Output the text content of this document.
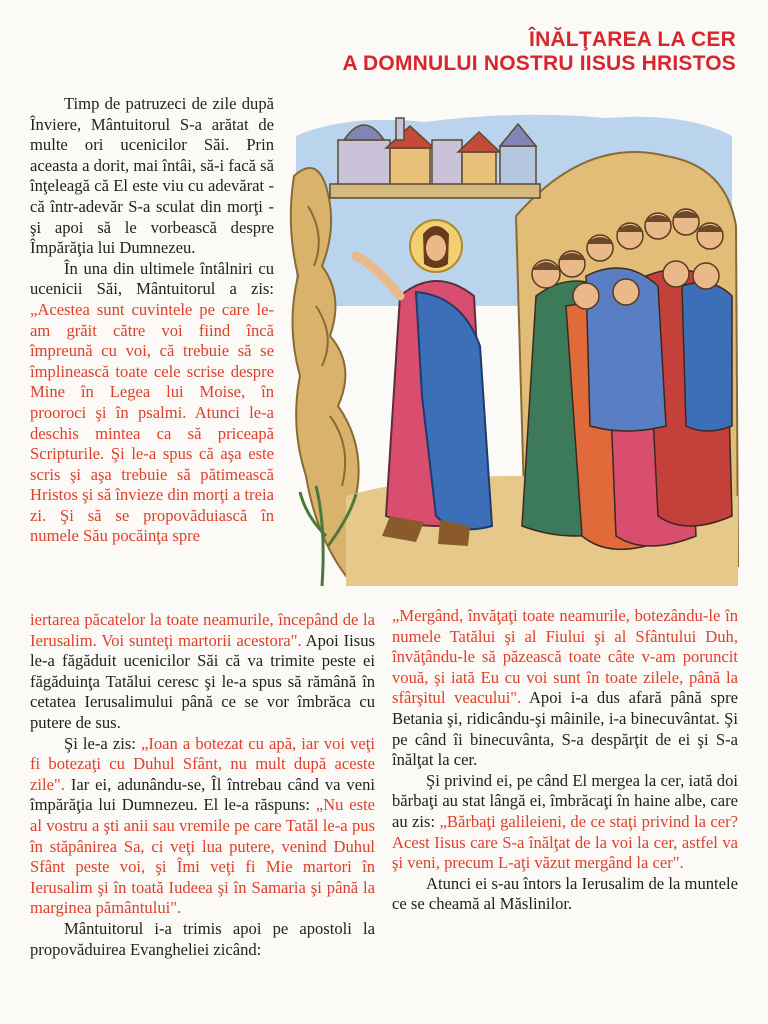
ÎNĂLŢAREA LA CER
A DOMNULUI NOSTRU IISUS HRISTOS

Timp de patruzeci de zile după Înviere, Mântuitorul S-a arătat de multe ori ucenicilor Săi. Prin aceasta a dorit, mai întâi, să-i facă să înţeleagă că El este viu cu adevărat - că într-adevăr S-a sculat din morţi - şi apoi să le vorbească despre Împărăţia lui Dumnezeu.

În una din ultimele întâlniri cu ucenicii Săi, Mântuitorul a zis: „Acestea sunt cuvintele pe care le-am grăit către voi fiind încă împreună cu voi, că trebuie să se împlinească toate cele scrise despre Mine în Legea lui Moise, în prooroci şi în psalmi. Atunci le-a deschis mintea ca să priceapă Scripturile. Şi le-a spus că aşa este scris şi aşa trebuie să pătimească Hristos şi să învieze din morţi a treia zi. Şi să se propovăduiască în numele Său pocăinţa spre

iertarea păcatelor la toate neamurile, începând de la Ierusalim. Voi sunteţi martorii acestora". Apoi Iisus le-a făgăduit ucenicilor Săi că va trimite peste ei făgăduinţa Tatălui ceresc şi le-a spus să rămână în cetatea Ierusalimului până ce se vor îmbrăca cu putere de sus.

Şi le-a zis: „Ioan a botezat cu apă, iar voi veţi fi botezaţi cu Duhul Sfânt, nu mult după aceste zile". Iar ei, adunându-se, Îl întrebau când va veni împărăţia lui Dumnezeu. El le-a răspuns: „Nu este al vostru a şti anii sau vremile pe care Tatăl le-a pus în stăpânirea Sa, ci veţi lua putere, venind Duhul Sfânt peste voi, şi Îmi veţi fi Mie martori în Ierusalim şi în toată Iudeea şi în Samaria şi până la marginea pământului".

Mântuitorul i-a trimis apoi pe apostoli la propovăduirea Evangheliei zicând:

„Mergând, învăţaţi toate neamurile, botezându-le în numele Tatălui şi al Fiului şi al Sfântului Duh, învăţându-le să păzească toate câte v-am poruncit vouă, şi iată Eu cu voi sunt în toate zilele, până la sfârşitul veacului". Apoi i-a dus afară până spre Betania şi, ridicându-şi mâinile, i-a binecuvântat. Şi pe când îi binecuvânta, S-a despărţit de ei şi S-a înălţat la cer.

Şi privind ei, pe când El mergea la cer, iată doi bărbaţi au stat lângă ei, îmbrăcaţi în haine albe, care au zis: „Bărbaţi galileieni, de ce staţi privind la cer? Acest Iisus care S-a înălţat de la voi la cer, astfel va şi veni, precum L-aţi văzut mergând la cer".

Atunci ei s-au întors la Ierusalim de la muntele ce se cheamă al Măslinilor.
